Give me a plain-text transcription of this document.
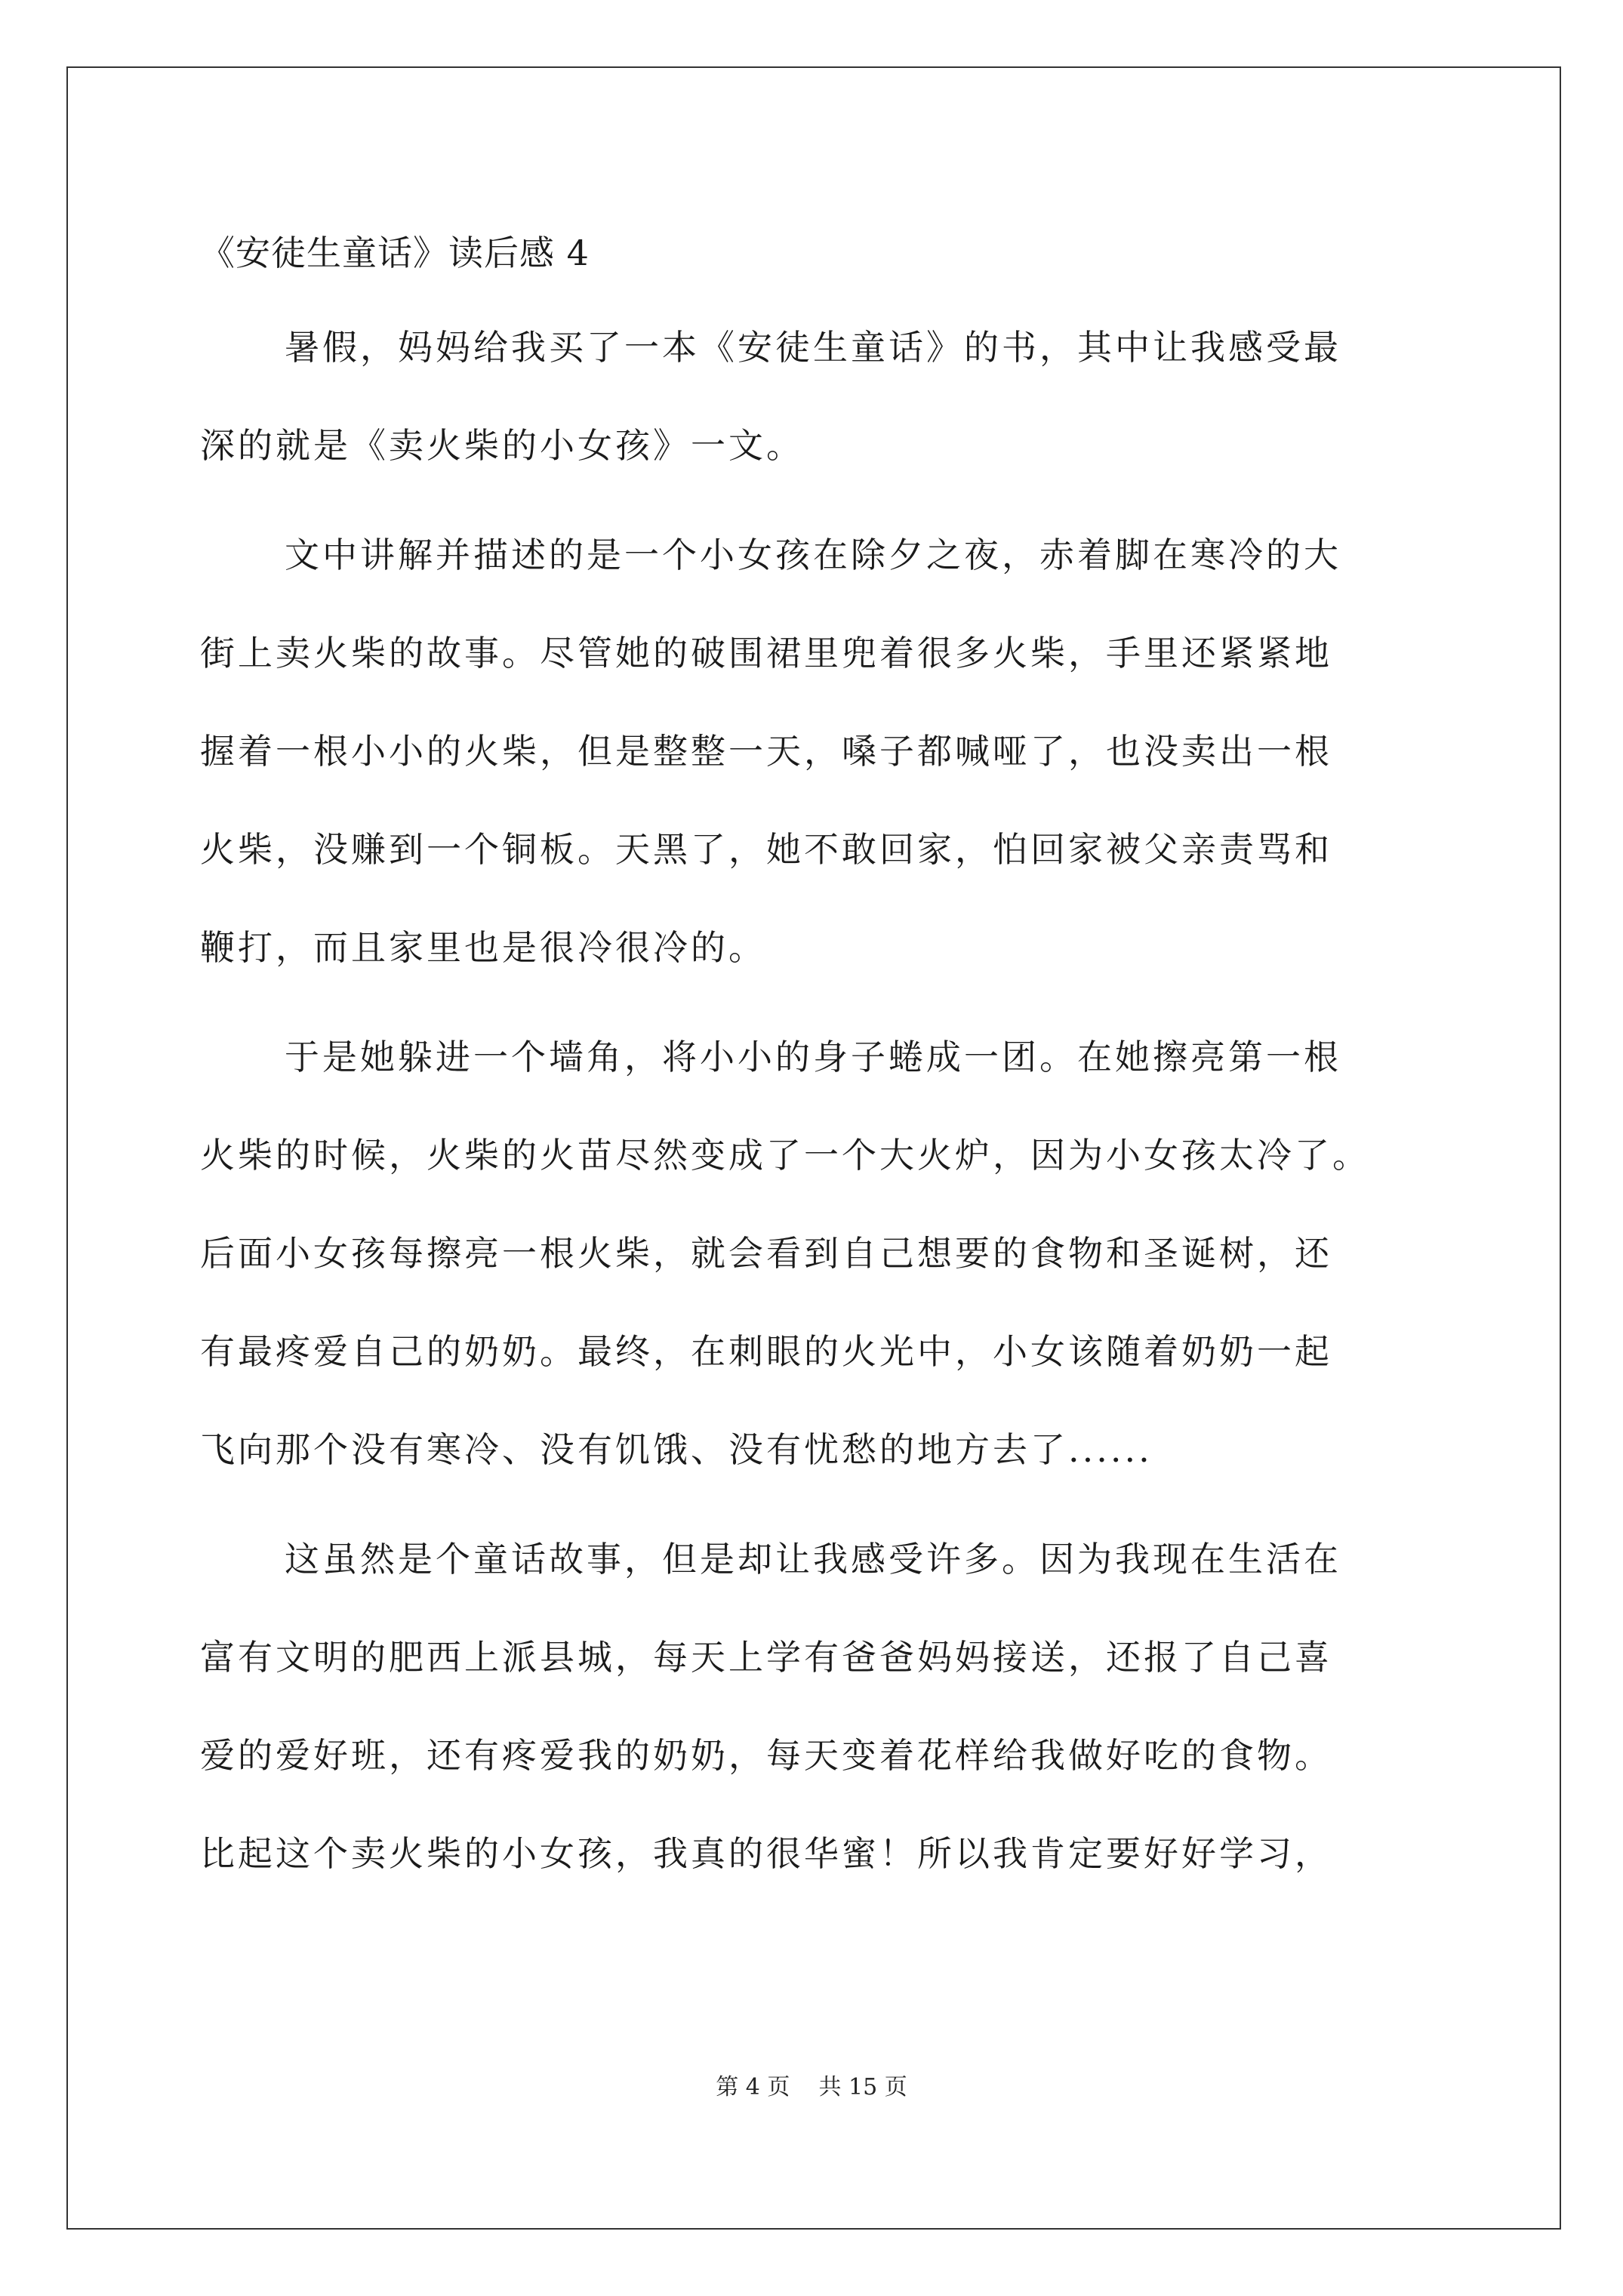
《安徒生童话》读后感 4
暑假，妈妈给我买了一本《安徒生童话》的书，其中让我感受最
深的就是《卖火柴的小女孩》一文。
文中讲解并描述的是一个小女孩在除夕之夜，赤着脚在寒冷的大
街上卖火柴的故事。尽管她的破围裙里兜着很多火柴，手里还紧紧地
握着一根小小的火柴，但是整整一天，嗓子都喊哑了，也没卖出一根
火柴，没赚到一个铜板。天黑了，她不敢回家，怕回家被父亲责骂和
鞭打，而且家里也是很冷很冷的。
于是她躲进一个墙角，将小小的身子蜷成一团。在她擦亮第一根
火柴的时候，火柴的火苗尽然变成了一个大火炉，因为小女孩太冷了。
后面小女孩每擦亮一根火柴，就会看到自己想要的食物和圣诞树，还
有最疼爱自己的奶奶。最终，在刺眼的火光中，小女该随着奶奶一起
飞向那个没有寒冷、没有饥饿、没有忧愁的地方去了......
这虽然是个童话故事，但是却让我感受许多。因为我现在生活在
富有文明的肥西上派县城，每天上学有爸爸妈妈接送，还报了自己喜
爱的爱好班，还有疼爱我的奶奶，每天变着花样给我做好吃的食物。
比起这个卖火柴的小女孩，我真的很华蜜！所以我肯定要好好学习，
第 4 页    共 15 页
